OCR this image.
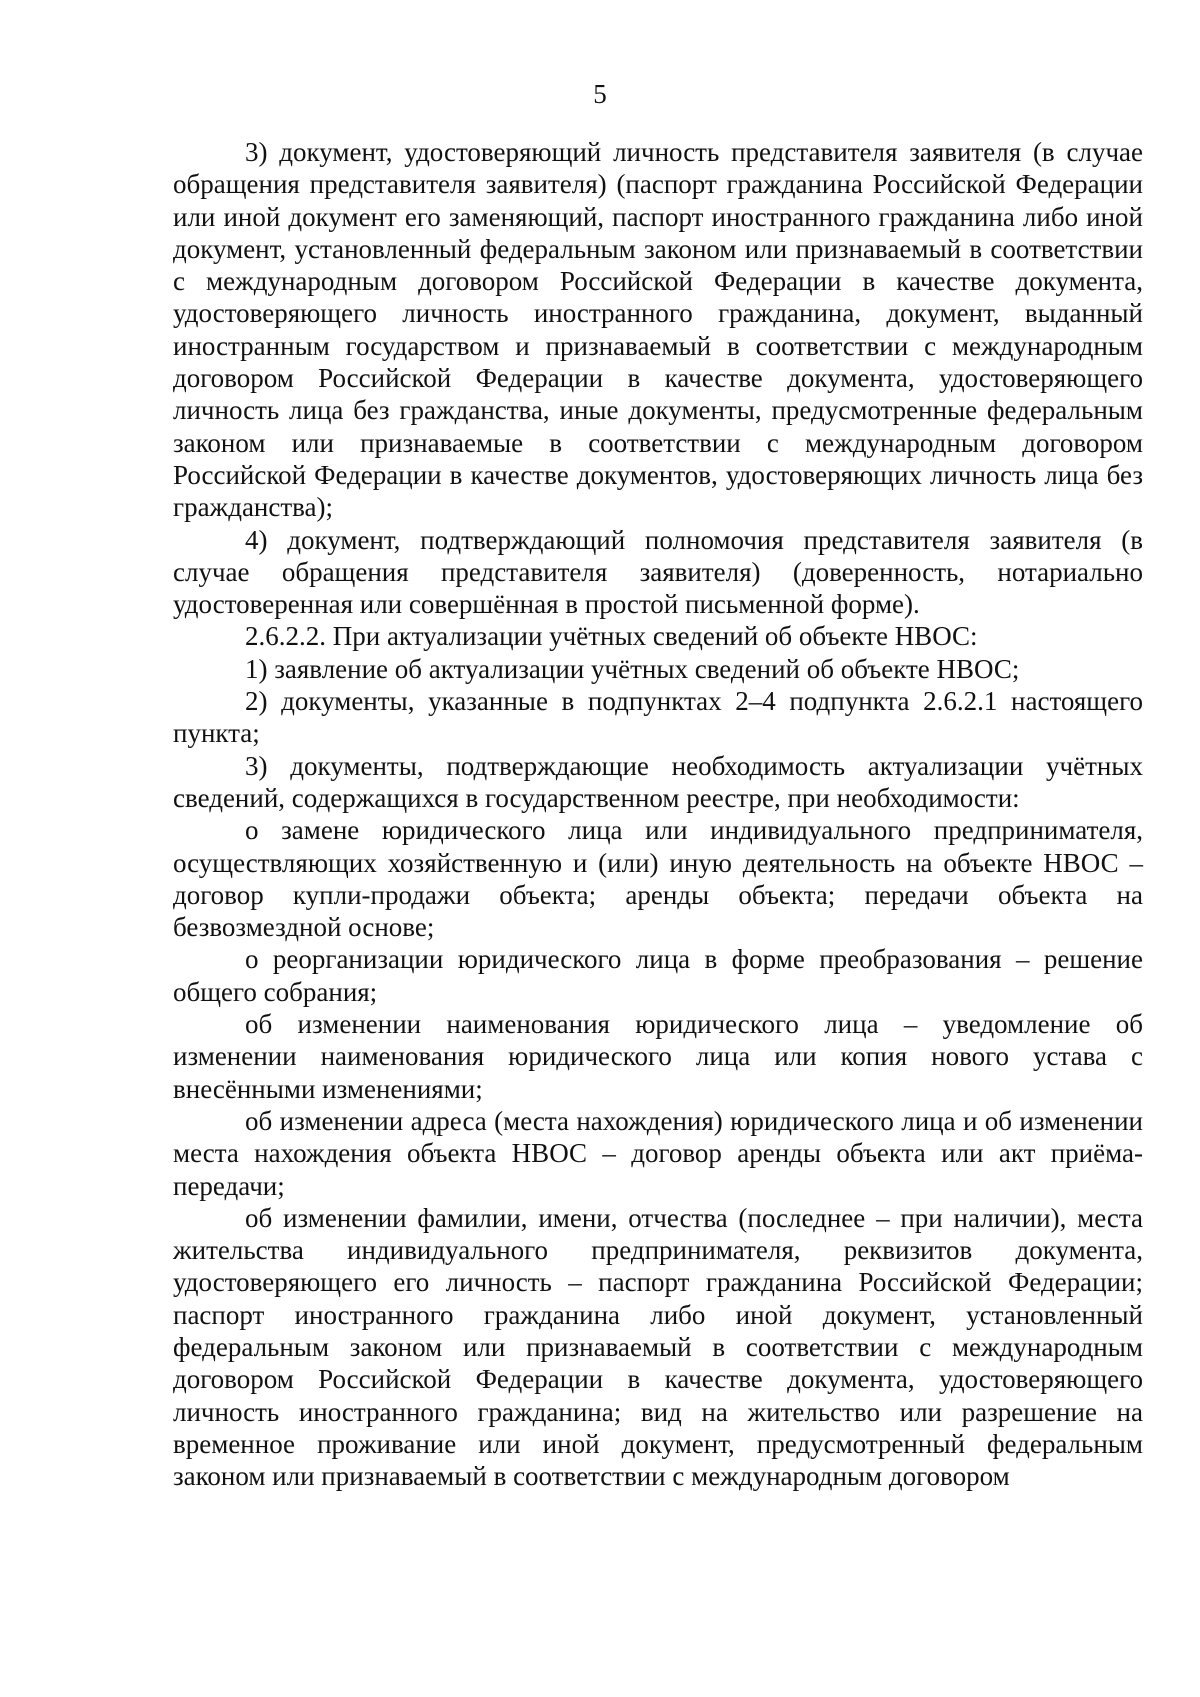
5

3) документ, удостоверяющий личность представителя заявителя (в случае обращения представителя заявителя) (паспорт гражданина Российской Федерации или иной документ его заменяющий, паспорт иностранного гражданина либо иной документ, установленный федеральным законом или признаваемый в соответствии с международным договором Российской Федерации в качестве документа, удостоверяющего личность иностранного гражданина, документ, выданный иностранным государством и признаваемый в соответствии с международным договором Российской Федерации в качестве документа, удостоверяющего личность лица без гражданства, иные документы, предусмотренные федеральным законом или признаваемые в соответствии с международным договором Российской Федерации в качестве документов, удостоверяющих личность лица без гражданства);

4) документ, подтверждающий полномочия представителя заявителя (в случае обращения представителя заявителя) (доверенность, нотариально удостоверенная или совершённая в простой письменной форме).

2.6.2.2. При актуализации учётных сведений об объекте НВОС:

1) заявление об актуализации учётных сведений об объекте НВОС;

2) документы, указанные в подпунктах 2–4 подпункта 2.6.2.1 настоящего пункта;

3) документы, подтверждающие необходимость актуализации учётных сведений, содержащихся в государственном реестре, при необходимости:

о замене юридического лица или индивидуального предпринимателя, осуществляющих хозяйственную и (или) иную деятельность на объекте НВОС – договор купли-продажи объекта; аренды объекта; передачи объекта на безвозмездной основе;

о реорганизации юридического лица в форме преобразования – решение общего собрания;

об изменении наименования юридического лица – уведомление об изменении наименования юридического лица или копия нового устава с внесёнными изменениями;

об изменении адреса (места нахождения) юридического лица и об изменении места нахождения объекта НВОС – договор аренды объекта или акт приёма-передачи;

об изменении фамилии, имени, отчества (последнее – при наличии), места жительства индивидуального предпринимателя, реквизитов документа, удостоверяющего его личность – паспорт гражданина Российской Федерации; паспорт иностранного гражданина либо иной документ, установленный федеральным законом или признаваемый в соответствии с международным договором Российской Федерации в качестве документа, удостоверяющего личность иностранного гражданина; вид на жительство или разрешение на временное проживание или иной документ, предусмотренный федеральным законом или признаваемый в соответствии с международным договором
